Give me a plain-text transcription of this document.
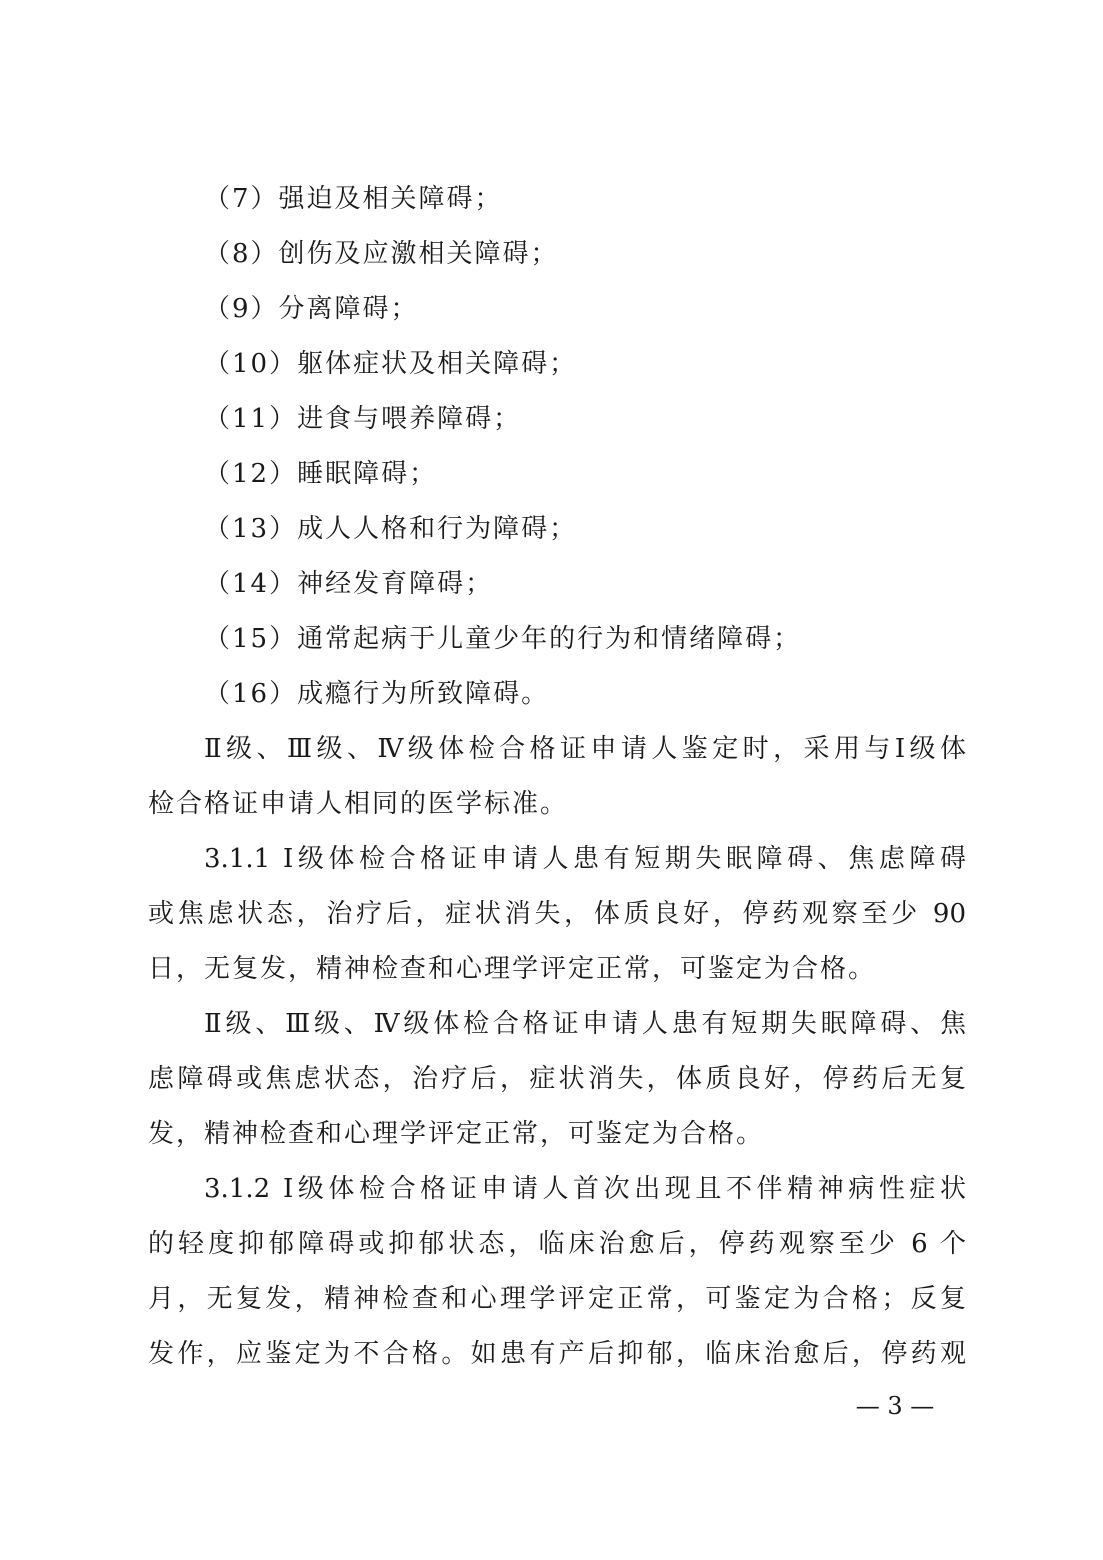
（7）强迫及相关障碍；
（8）创伤及应激相关障碍；
（9）分离障碍；
（10）躯体症状及相关障碍；
（11）进食与喂养障碍；
（12）睡眠障碍；
（13）成人人格和行为障碍；
（14）神经发育障碍；
（15）通常起病于儿童少年的行为和情绪障碍；
（16）成瘾行为所致障碍。
Ⅱ级、Ⅲ级、Ⅳ级体检合格证申请人鉴定时，采用与Ⅰ级体
检合格证申请人相同的医学标准。
3.1.1 Ⅰ级体检合格证申请人患有短期失眠障碍、焦虑障碍
或焦虑状态，治疗后，症状消失，体质良好，停药观察至少 90
日，无复发，精神检查和心理学评定正常，可鉴定为合格。
Ⅱ级、Ⅲ级、Ⅳ级体检合格证申请人患有短期失眠障碍、焦
虑障碍或焦虑状态，治疗后，症状消失，体质良好，停药后无复
发，精神检查和心理学评定正常，可鉴定为合格。
3.1.2 Ⅰ级体检合格证申请人首次出现且不伴精神病性症状
的轻度抑郁障碍或抑郁状态，临床治愈后，停药观察至少 6 个
月，无复发，精神检查和心理学评定正常，可鉴定为合格；反复
发作，应鉴定为不合格。如患有产后抑郁，临床治愈后，停药观
— 3 —
